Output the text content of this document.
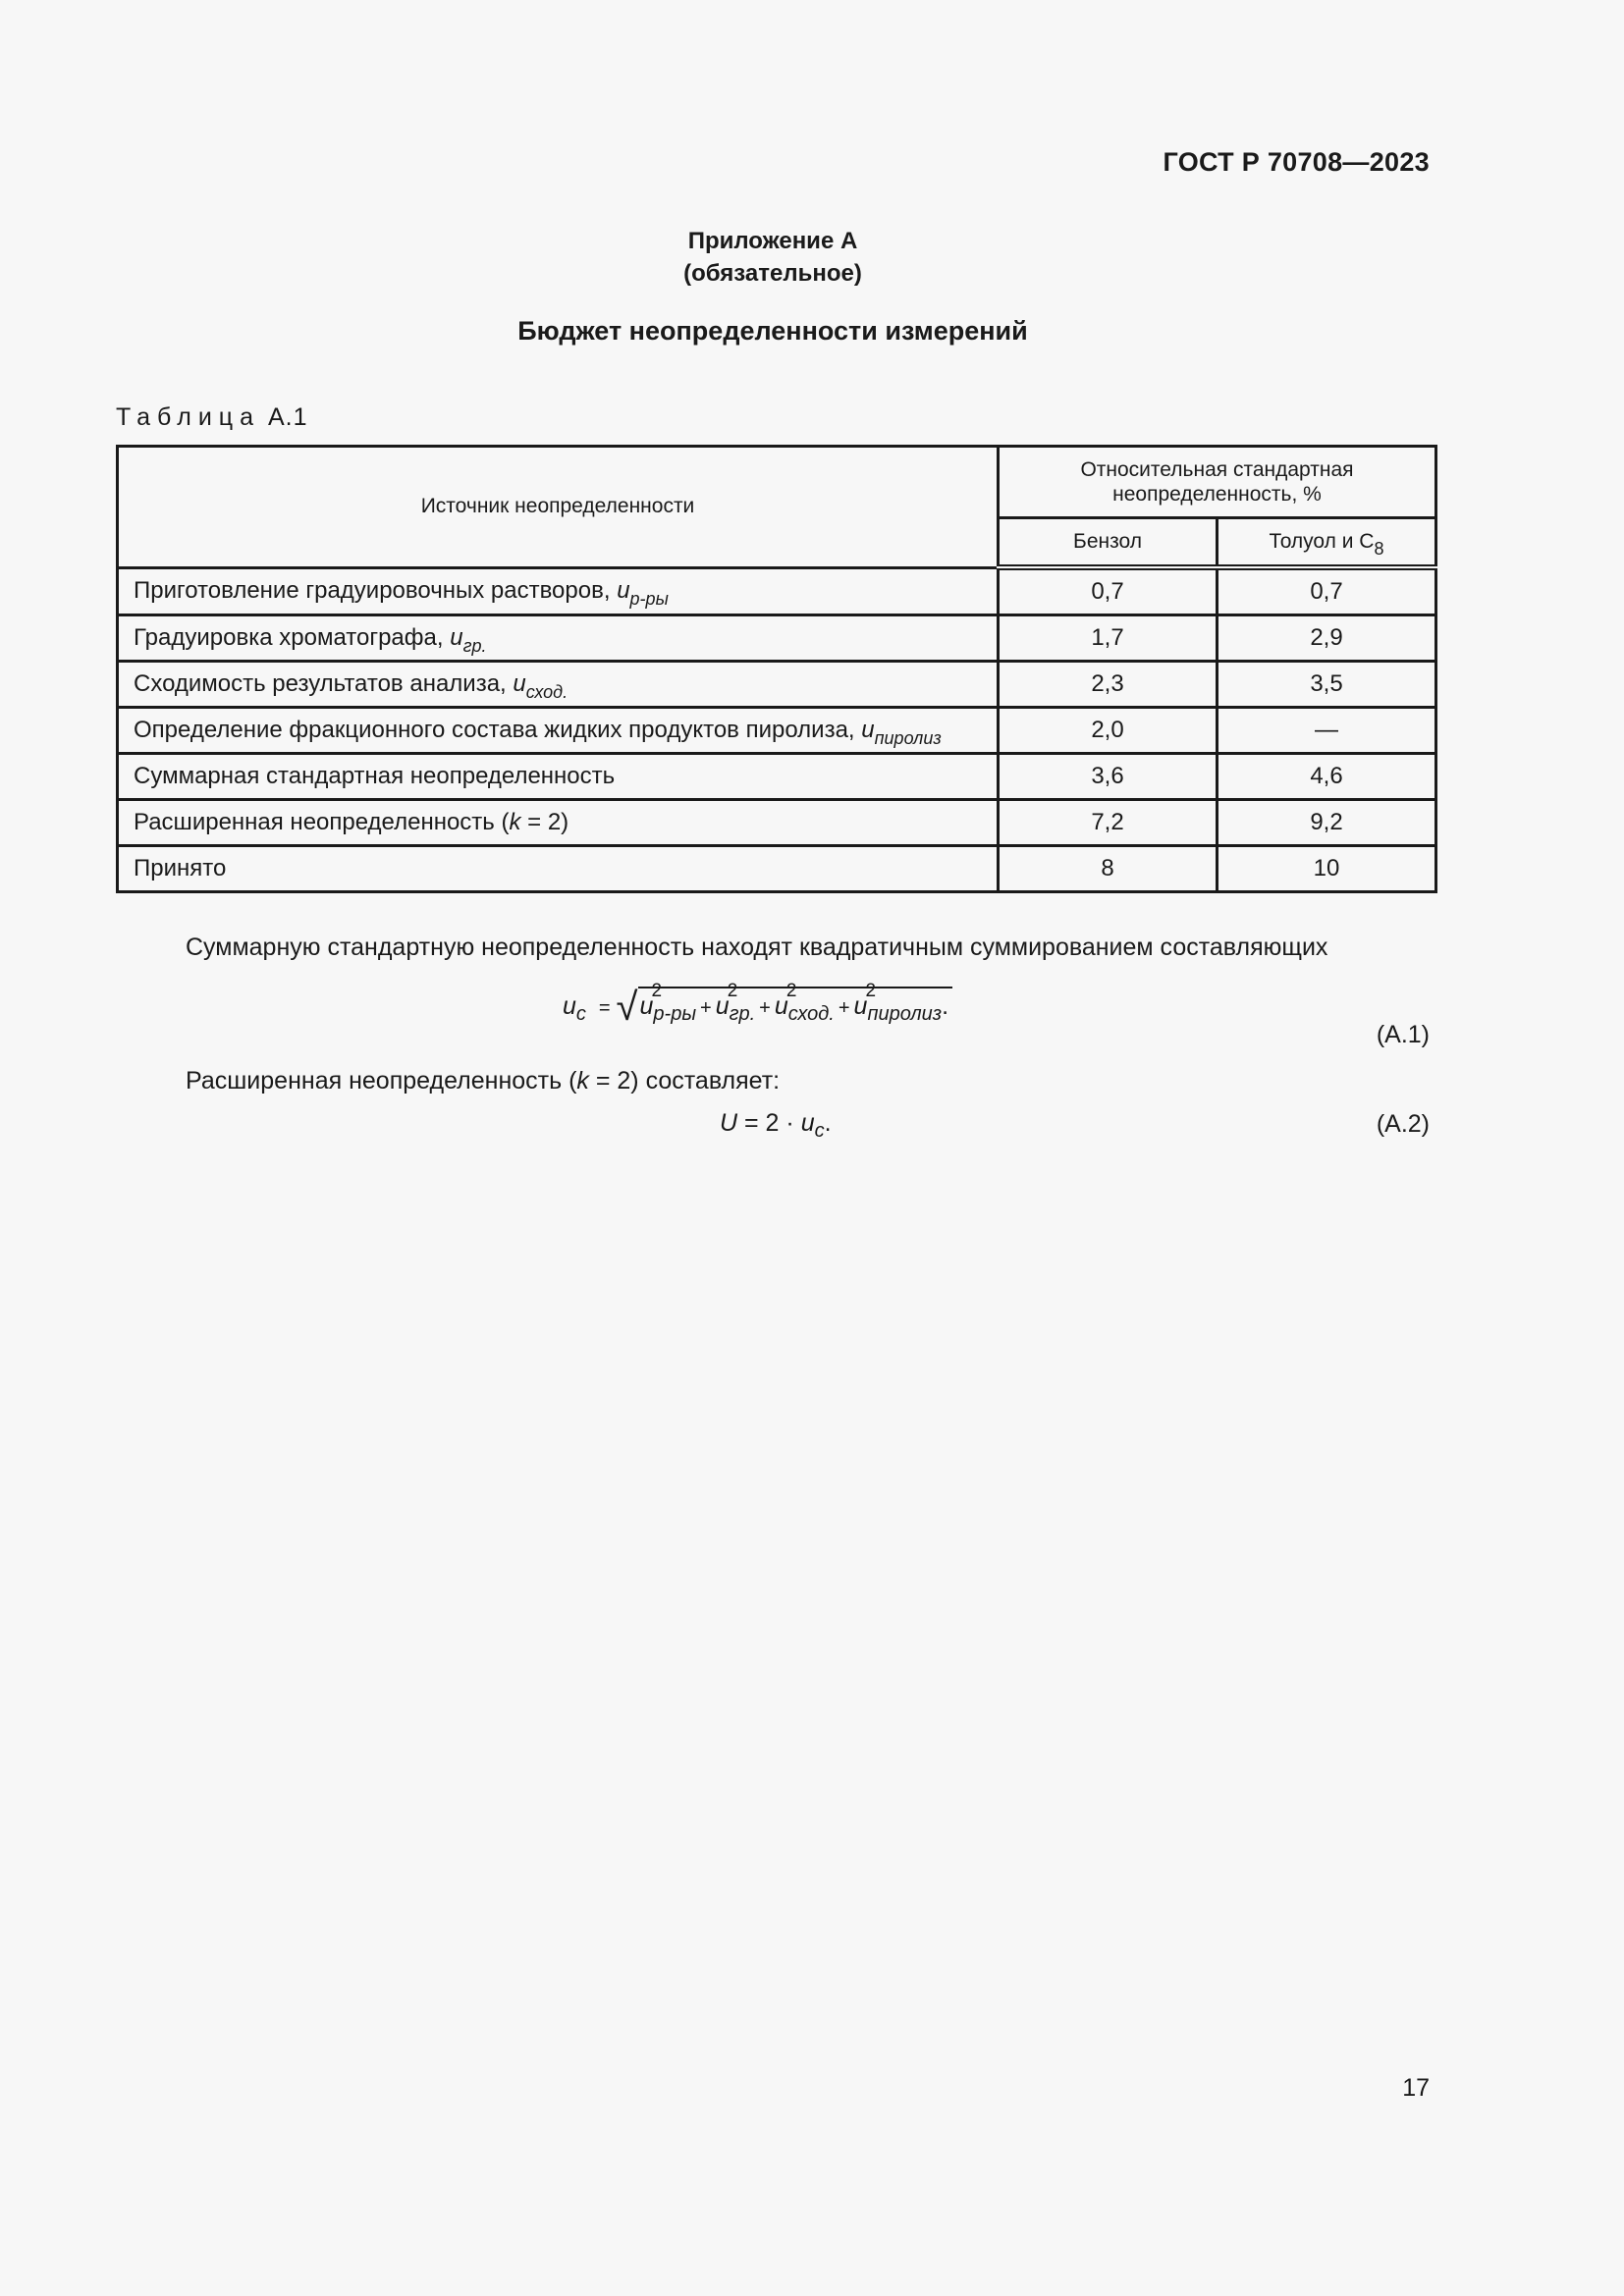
ГОСТ Р 70708—2023
Приложение А
(обязательное)
Бюджет неопределенности измерений
Таблица А.1
Источник неопределенности	Относительная стандартная неопределенность, %	

	Бензол	Толуол и $C_8$
Приготовление градуировочных растворов, $u_{р-ры}$	0,7	0,7
Градуировка хроматографа, $u_{гр.}$	1,7	2,9
Сходимость результатов анализа, $u_{сход.}$	2,3	3,5
Определение фракционного состава жидких продуктов пиролиза, $u_{пиролиз}$	2,0	—
Суммарная стандартная неопределенность	3,6	4,6
Расширенная неопределенность (k = 2)	7,2	9,2
Принято	8	10
Суммарную стандартную неопределенность находят квадратичным суммированием составляющих
$u_c = √u$
2
$_{р-ры}$ + u
2
$_{гр.}$ + u
2
$_{сход.}$ + u
2
$_{пиролиз}$.
(А.1)
Расширенная неопределенность (k = 2) составляет:
$U = 2 \cdot u_c$.	(А.2)
17
